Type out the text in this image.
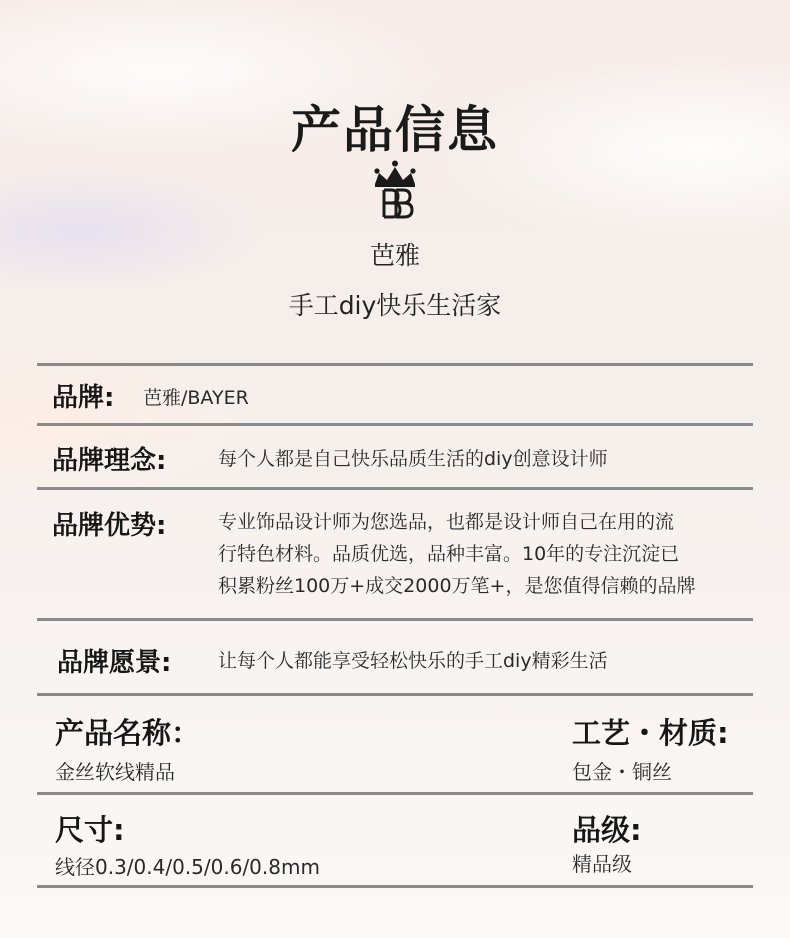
产品信息
芭雅
手工diy快乐生活家
品牌: 芭雅/BAYER
品牌理念:	每个人都是自己快乐品质生活的diy创意设计师
品牌优势:	专业饰品设计师为您选品，也都是设计师自己在用的流
行特色材料。品质优选，品种丰富。10年的专注沉淀已
积累粉丝100万+成交2000万笔+，是您值得信赖的品牌
品牌愿景: 让每个人都能享受轻松快乐的手工diy精彩生活
产品名称：
金丝软线精品
工艺・材质:
包金・铜丝
尺寸:
线径0.3/0.4/0.5/0.6/0.8mm
品级:
精品级
